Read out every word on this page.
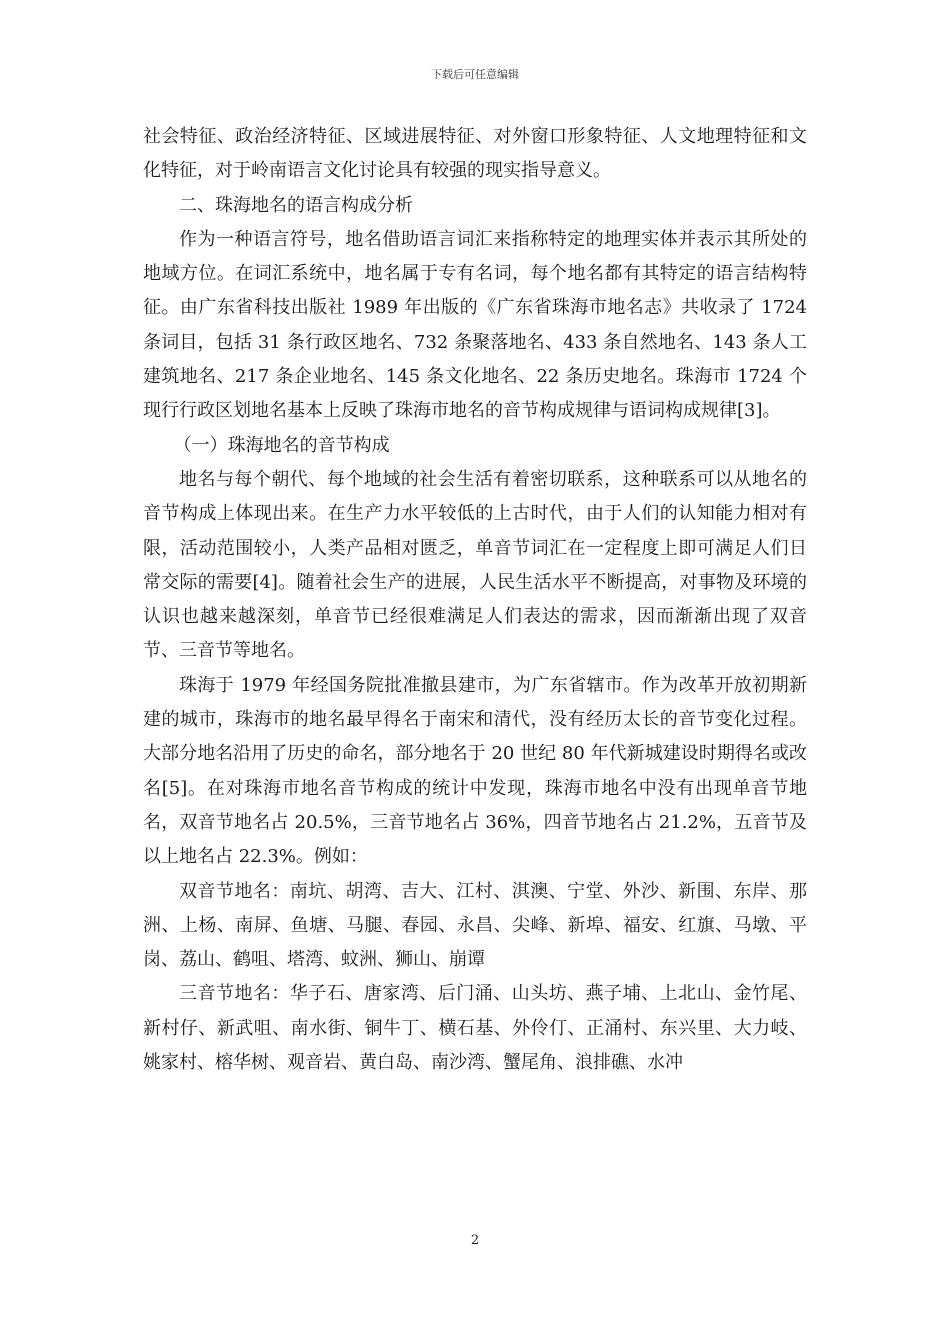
下载后可任意编辑

社会特征、政治经济特征、区域进展特征、对外窗口形象特征、人文地理特征和文化特征，对于岭南语言文化讨论具有较强的现实指导意义。

二、珠海地名的语言构成分析

作为一种语言符号，地名借助语言词汇来指称特定的地理实体并表示其所处的地域方位。在词汇系统中，地名属于专有名词，每个地名都有其特定的语言结构特征。由广东省科技出版社 1989 年出版的《广东省珠海市地名志》共收录了 1724 条词目，包括 31 条行政区地名、732 条聚落地名、433 条自然地名、143 条人工建筑地名、217 条企业地名、145 条文化地名、22 条历史地名。珠海市 1724 个现行行政区划地名基本上反映了珠海市地名的音节构成规律与语词构成规律[3]。

（一）珠海地名的音节构成

地名与每个朝代、每个地域的社会生活有着密切联系，这种联系可以从地名的音节构成上体现出来。在生产力水平较低的上古时代，由于人们的认知能力相对有限，活动范围较小，人类产品相对匮乏，单音节词汇在一定程度上即可满足人们日常交际的需要[4]。随着社会生产的进展，人民生活水平不断提高，对事物及环境的认识也越来越深刻，单音节已经很难满足人们表达的需求，因而渐渐出现了双音节、三音节等地名。

珠海于 1979 年经国务院批准撤县建市，为广东省辖市。作为改革开放初期新建的城市，珠海市的地名最早得名于南宋和清代，没有经历太长的音节变化过程。大部分地名沿用了历史的命名，部分地名于 20 世纪 80 年代新城建设时期得名或改名[5]。在对珠海市地名音节构成的统计中发现，珠海市地名中没有出现单音节地名，双音节地名占 20.5%，三音节地名占 36%，四音节地名占 21.2%，五音节及以上地名占 22.3%。例如：

双音节地名：南坑、胡湾、吉大、江村、淇澳、宁堂、外沙、新围、东岸、那洲、上杨、南屏、鱼塘、马腿、春园、永昌、尖峰、新埠、福安、红旗、马墩、平岗、荔山、鹤咀、塔湾、蚊洲、狮山、崩谭

三音节地名：华子石、唐家湾、后门涌、山头坊、燕子埔、上北山、金竹尾、新村仔、新武咀、南水街、铜牛丁、横石基、外伶仃、正涌村、东兴里、大力岐、姚家村、榕华树、观音岩、黄白岛、南沙湾、蟹尾角、浪排礁、水冲

2
